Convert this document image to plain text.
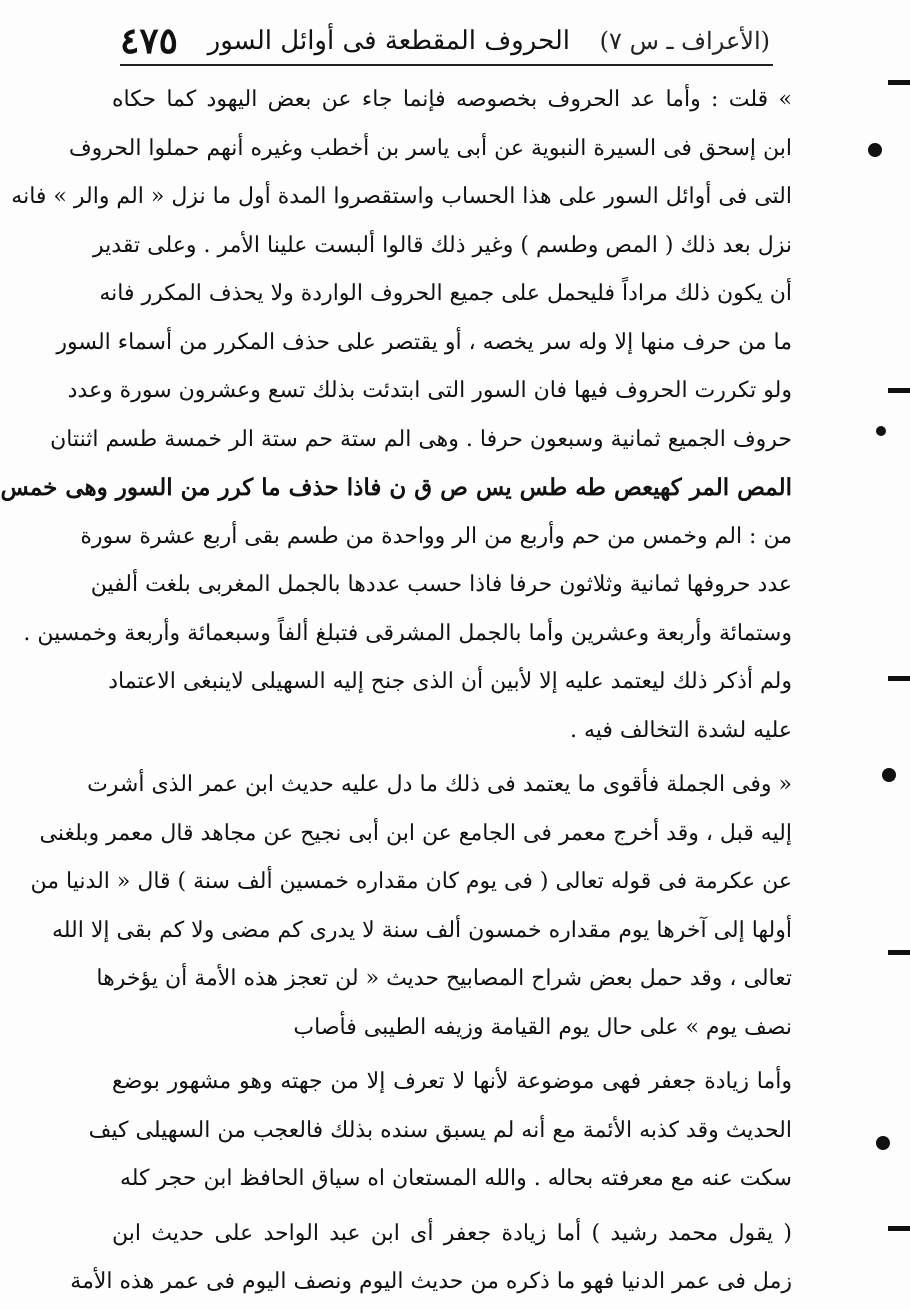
٤٧٥ الحروف المقطعة فى أوائل السور (الأعراف ـ س ٧)
» قلت : وأما عد الحروف بخصوصه فإنما جاء عن بعض اليهود كما حكاه
ابن إسحق فى السيرة النبوية عن أبى ياسر بن أخطب وغيره أنهم حملوا الحروف
التى فى أوائل السور على هذا الحساب واستقصروا المدة أول ما نزل « الم والر » فانه
نزل بعد ذلك ( المص وطسم ) وغير ذلك قالوا ألبست علينا الأمر . وعلى تقدير
أن يكون ذلك مراداً فليحمل على جميع الحروف الواردة ولا يحذف المكرر فانه
ما من حرف منها إلا وله سر يخصه ، أو يقتصر على حذف المكرر من أسماء السور
ولو تكررت الحروف فيها فان السور التى ابتدئت بذلك تسع وعشرون سورة وعدد
حروف الجميع ثمانية وسبعون حرفا . وهى الم ستة حم ستة الر خمسة طسم اثنتان
المص المر كهيعص طه طس يس ص ق ن فاذا حذف ما كرر من السور وهى خمس
من : الم وخمس من حم وأربع من الر وواحدة من طسم بقى أربع عشرة سورة
عدد حروفها ثمانية وثلاثون حرفا فاذا حسب عددها بالجمل المغربى بلغت ألفين
وستمائة وأربعة وعشرين وأما بالجمل المشرقى فتبلغ ألفاً وسبعمائة وأربعة وخمسين .
ولم أذكر ذلك ليعتمد عليه إلا لأبين أن الذى جنح إليه السهيلى لاينبغى الاعتماد
عليه لشدة التخالف فيه .
« وفى الجملة فأقوى ما يعتمد فى ذلك ما دل عليه حديث ابن عمر الذى أشرت
إليه قبل ، وقد أخرج معمر فى الجامع عن ابن أبى نجيح عن مجاهد قال معمر وبلغنى
عن عكرمة فى قوله تعالى ( فى يوم كان مقداره خمسين ألف سنة ) قال « الدنيا من
أولها إلى آخرها يوم مقداره خمسون ألف سنة لا يدرى كم مضى ولا كم بقى إلا الله
تعالى ، وقد حمل بعض شراح المصابيح حديث « لن تعجز هذه الأمة أن يؤخرها
نصف يوم » على حال يوم القيامة وزيفه الطيبى فأصاب
وأما زيادة جعفر فهى موضوعة لأنها لا تعرف إلا من جهته وهو مشهور بوضع
الحديث وقد كذبه الأئمة مع أنه لم يسبق سنده بذلك فالعجب من السهيلى كيف
سكت عنه مع معرفته بحاله . والله المستعان اه سياق الحافظ ابن حجر كله
( يقول محمد رشيد ) أما زيادة جعفر أى ابن عبد الواحد على حديث ابن
زمل فى عمر الدنيا فهو ما ذكره من حديث اليوم ونصف اليوم فى عمر هذه الأمة
